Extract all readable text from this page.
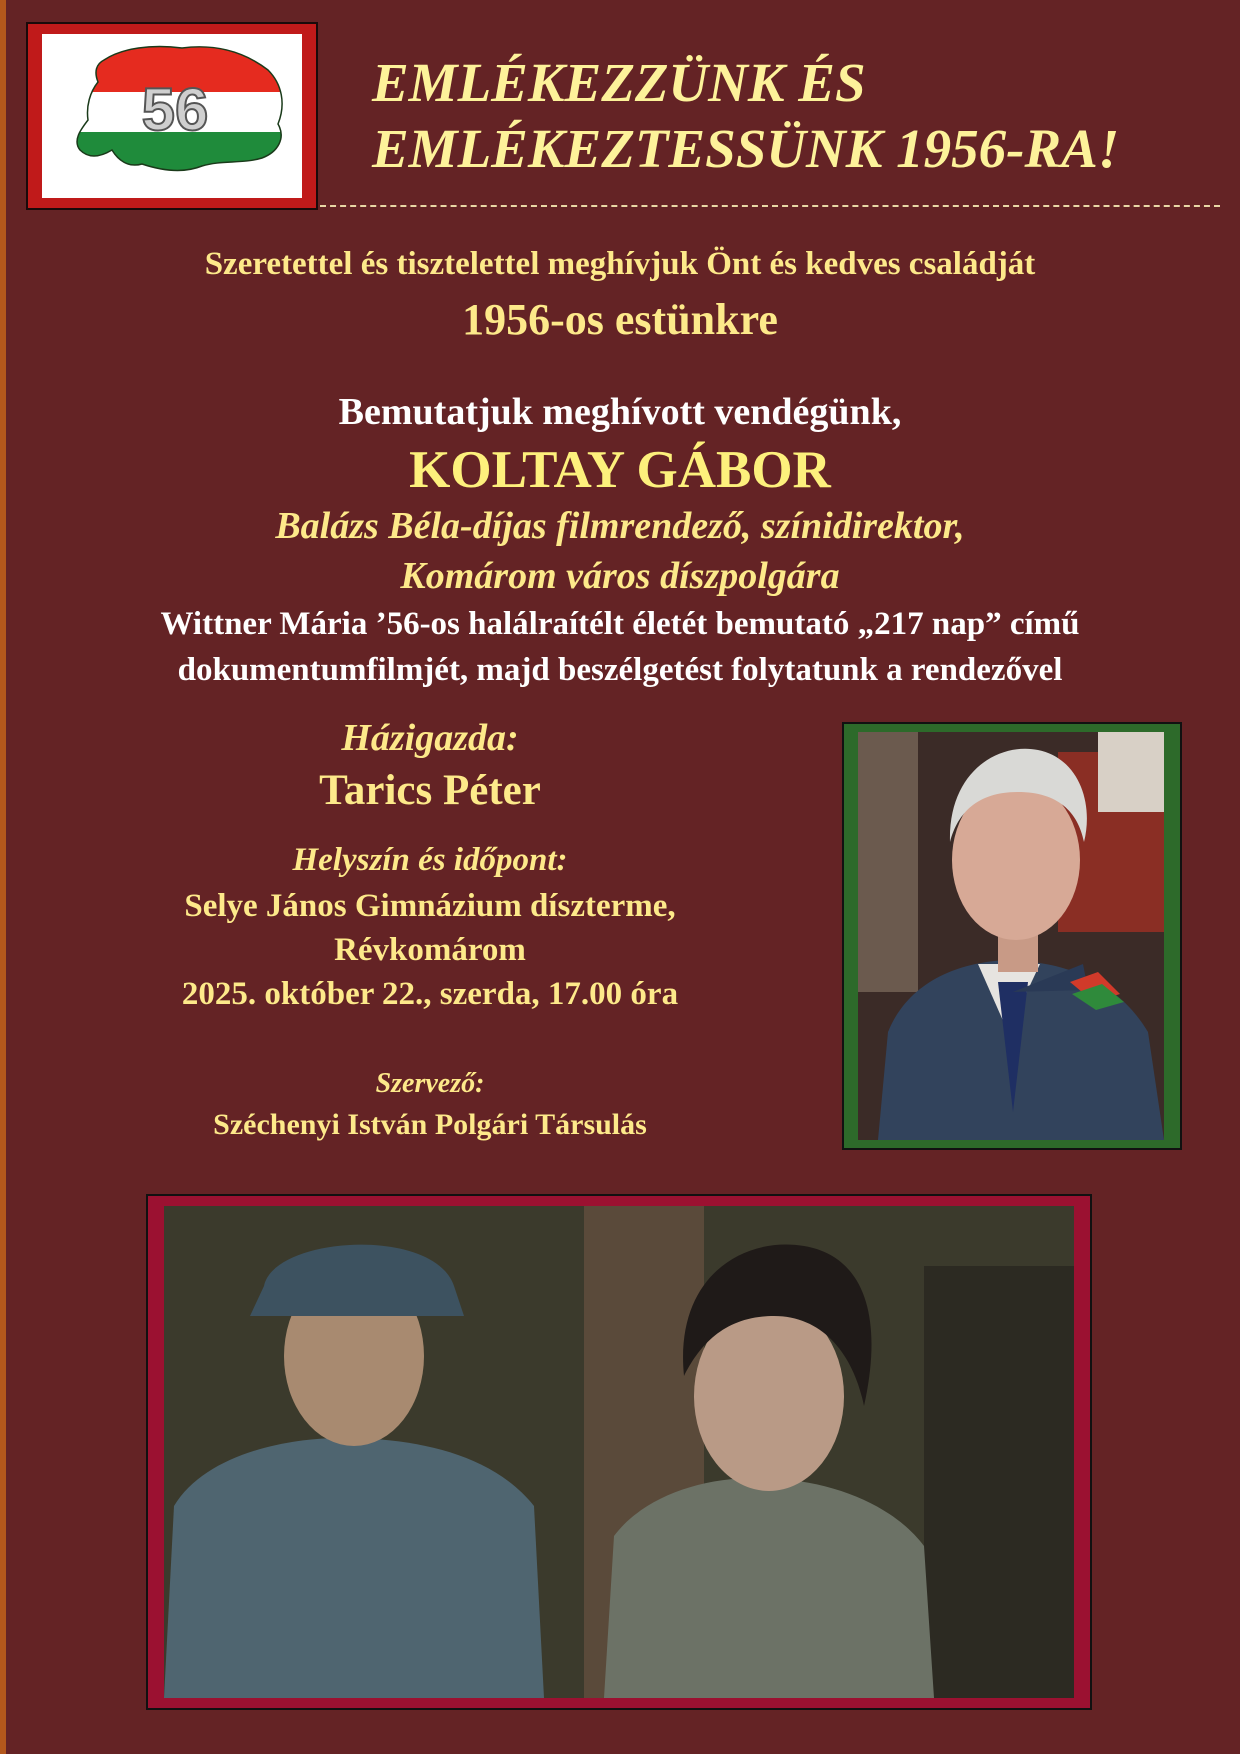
56	EMLÉKEZZÜNK ÉS
EMLÉKEZTESSÜNK 1956-RA!
Szeretettel és tisztelettel meghívjuk Önt és kedves családját
1956-os estünkre
Bemutatjuk meghívott vendégünk,
KOLTAY GÁBOR
Balázs Béla-díjas filmrendező, színidirektor,
Komárom város díszpolgára
Wittner Mária ’56-os halálraítélt életét bemutató „217 nap” című
dokumentumfilmjét, majd beszélgetést folytatunk a rendezővel
Házigazda:
Tarics Péter
Helyszín és időpont:
Selye János Gimnázium díszterme,
Révkomárom
2025. október 22., szerda, 17.00 óra
Szervező:
Széchenyi István Polgári Társulás
